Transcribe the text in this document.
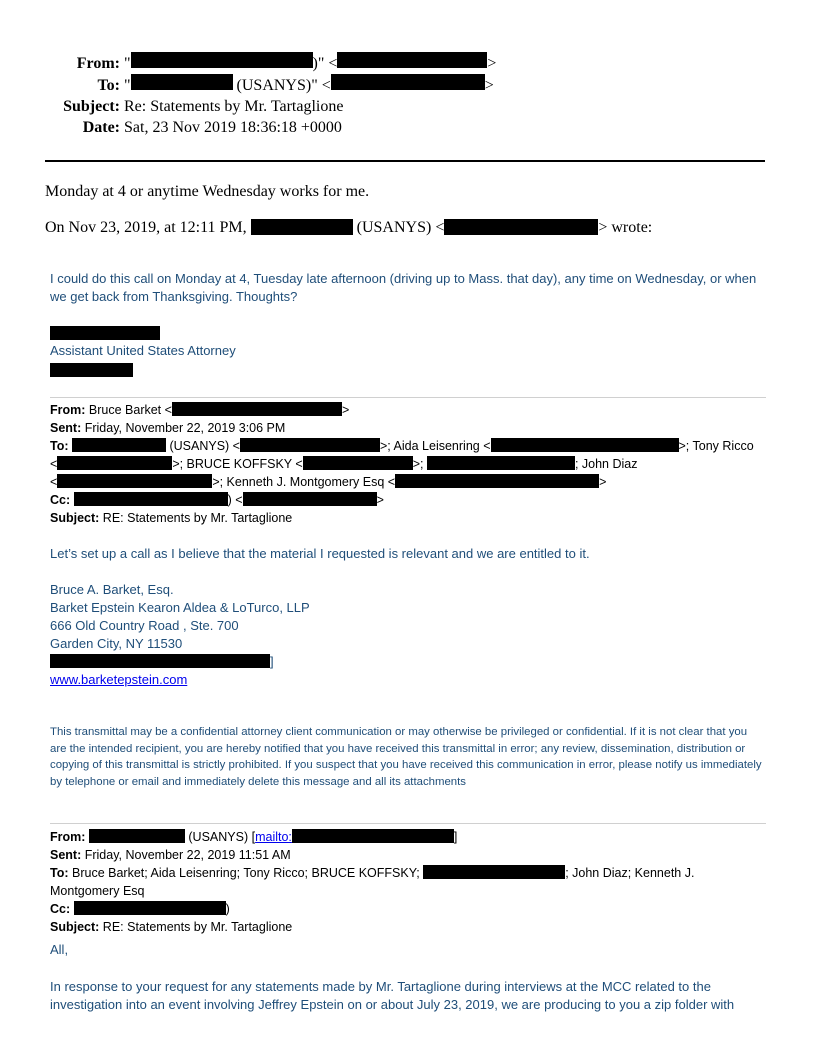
From: "	)" <	>
To: "
	(USANYS)" <	>
Subject: Re: Statements by Mr. Tartaglione
Date: Sat, 23 Nov 2019 18:36:18 +0000
Monday at 4 or anytime Wednesday works for me.
On Nov 23, 2019, at 12:11 PM,	(USANYS) <	> wrote:
I could do this call on Monday at 4, Tuesday late afternoon (driving up to Mass. that day), any time on Wednesday, or when we get back from Thanksgiving. Thoughts?
Assistant United States Attorney
From: Bruce Barket <	>
Sent: Friday, November 22, 2019 3:06 PM
To:	(USANYS) <	>; Aida Leisenring <	>; Tony Ricco
<	>; BRUCE KOFFSKY <	>;	; John Diaz
<	>; Kenneth J. Montgomery Esq <	>
Cc:	) <	>
Subject: RE: Statements by Mr. Tartaglione
Let’s set up a call as I believe that the material I requested is relevant and we are entitled to it.
Bruce A. Barket, Esq.
Barket Epstein Kearon Aldea & LoTurco, LLP
666 Old Country Road , Ste. 700
Garden City, NY 11530
]
www.barketepstein.com
This transmittal may be a confidential attorney client communication or may otherwise be privileged or confidential. If it is not clear that you are the intended recipient, you are hereby notified that you have received this transmittal in error; any review, dissemination, distribution or copying of this transmittal is strictly prohibited. If you suspect that you have received this communication in error, please notify us immediately by telephone or email and immediately delete this message and all its attachments
From:	(USANYS) [mailto:	]
Sent: Friday, November 22, 2019 11:51 AM
To: Bruce Barket; Aida Leisenring; Tony Ricco; BRUCE KOFFSKY;	; John Diaz; Kenneth J.
Montgomery Esq
Cc:	)
Subject: RE: Statements by Mr. Tartaglione
All,
In response to your request for any statements made by Mr. Tartaglione during interviews at the MCC related to the investigation into an event involving Jeffrey Epstein on or about July 23, 2019, we are producing to you a zip folder with
